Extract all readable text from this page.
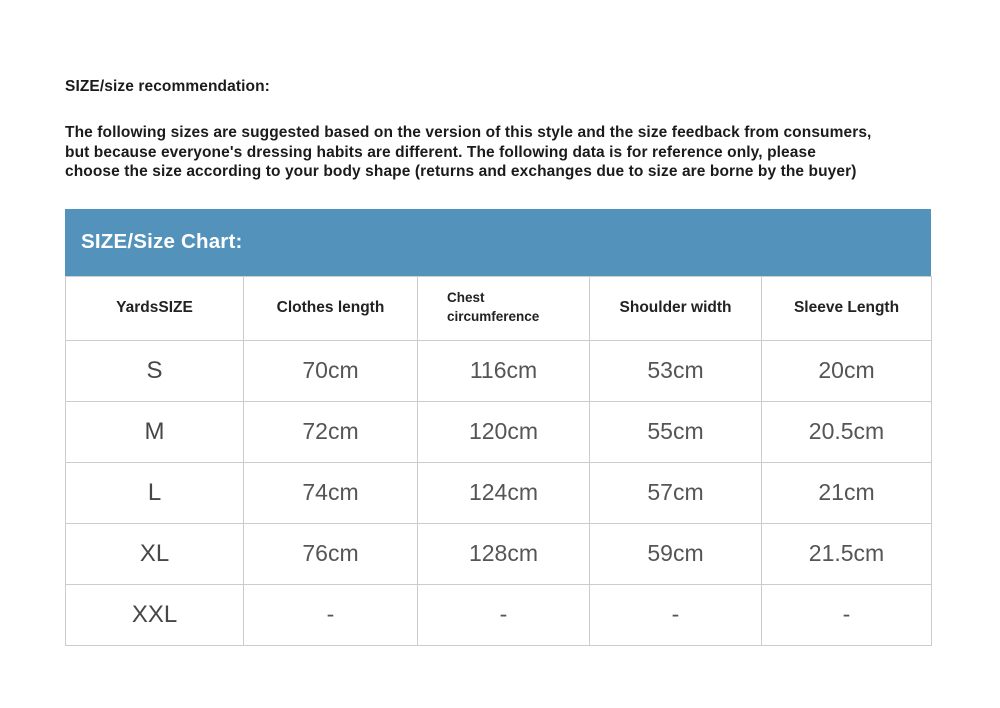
SIZE/size recommendation:
The following sizes are suggested based on the version of this style and the size feedback from consumers,
but because everyone's dressing habits are different. The following data is for reference only, please
choose the size according to your body shape (returns and exchanges due to size are borne by the buyer)
SIZE/Size Chart:
YardsSIZE	Clothes length	Chest circumference	Shoulder width	Sleeve Length
S	70cm	116cm	53cm	20cm
M	72cm	120cm	55cm	20.5cm
L	74cm	124cm	57cm	21cm
XL	76cm	128cm	59cm	21.5cm
XXL	-	-	-	-
